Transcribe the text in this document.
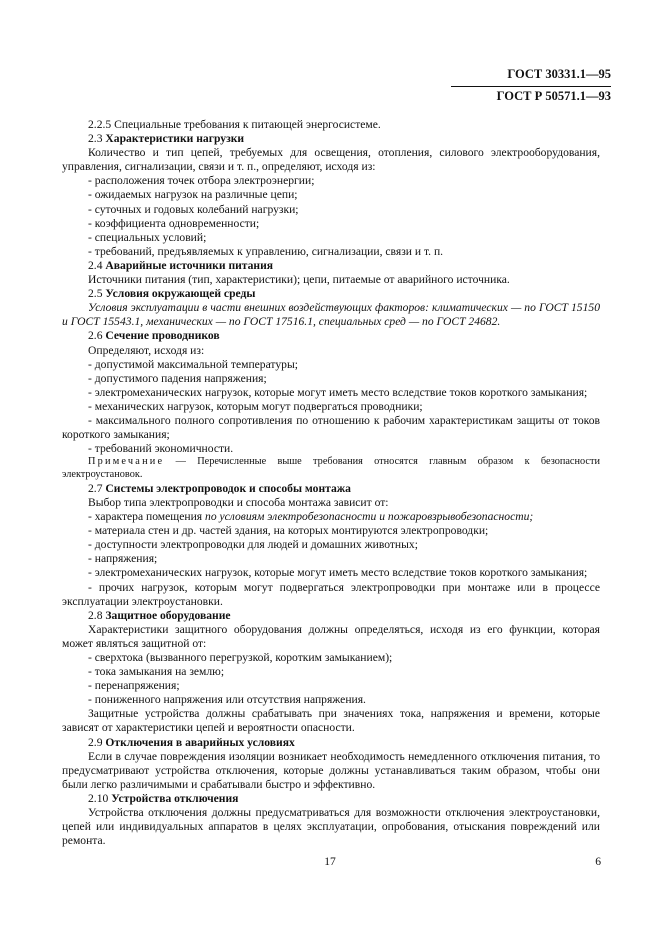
ГОСТ 30331.1—95
ГОСТ Р 50571.1—93

2.2.5 Специальные требования к питающей энергосистеме.

2.3 Характеристики нагрузки

Количество и тип цепей, требуемых для освещения, отопления, силового электрооборудования, управления, сигнализации, связи и т. п., определяют, исходя из:

- расположения точек отбора электроэнергии;

- ожидаемых нагрузок на различные цепи;

- суточных и годовых колебаний нагрузки;

- коэффициента одновременности;

- специальных условий;

- требований, предъявляемых к управлению, сигнализации, связи и т. п.

2.4 Аварийные источники питания

Источники питания (тип, характеристики); цепи, питаемые от аварийного источника.

2.5 Условия окружающей среды

Условия эксплуатации в части внешних воздействующих факторов: климатических — по ГОСТ 15150 и ГОСТ 15543.1, механических — по ГОСТ 17516.1, специальных сред — по ГОСТ 24682.

2.6 Сечение проводников

Определяют, исходя из:

- допустимой максимальной температуры;

- допустимого падения напряжения;

- электромеханических нагрузок, которые могут иметь место вследствие токов короткого замыкания;

- механических нагрузок, которым могут подвергаться проводники;

- максимального полного сопротивления по отношению к рабочим характеристикам защиты от токов короткого замыкания;

- требований экономичности.

Примечание — Перечисленные выше требования относятся главным образом к безопасности электроустановок.

2.7 Системы электропроводок и способы монтажа

Выбор типа электропроводки и способа монтажа зависит от:

- характера помещения по условиям электробезопасности и пожаровзрывобезопасности;

- материала стен и др. частей здания, на которых монтируются электропроводки;

- доступности электропроводки для людей и домашних животных;

- напряжения;

- электромеханических нагрузок, которые могут иметь место вследствие токов короткого замыкания;

- прочих нагрузок, которым могут подвергаться электропроводки при монтаже или в процессе эксплуатации электроустановки.

2.8 Защитное оборудование

Характеристики защитного оборудования должны определяться, исходя из его функции, которая может являться защитной от:

- сверхтока (вызванного перегрузкой, коротким замыканием);

- тока замыкания на землю;

- перенапряжения;

- пониженного напряжения или отсутствия напряжения.

Защитные устройства должны срабатывать при значениях тока, напряжения и времени, которые зависят от характеристики цепей и вероятности опасности.

2.9 Отключения в аварийных условиях

Если в случае повреждения изоляции возникает необходимость немедленного отключения питания, то предусматривают устройства отключения, которые должны устанавливаться таким образом, чтобы они были легко различимыми и срабатывали быстро и эффективно.

2.10 Устройства отключения

Устройства отключения должны предусматриваться для возможности отключения электроустановки, цепей или индивидуальных аппаратов в целях эксплуатации, опробования, отыскания повреждений или ремонта.

17	6
